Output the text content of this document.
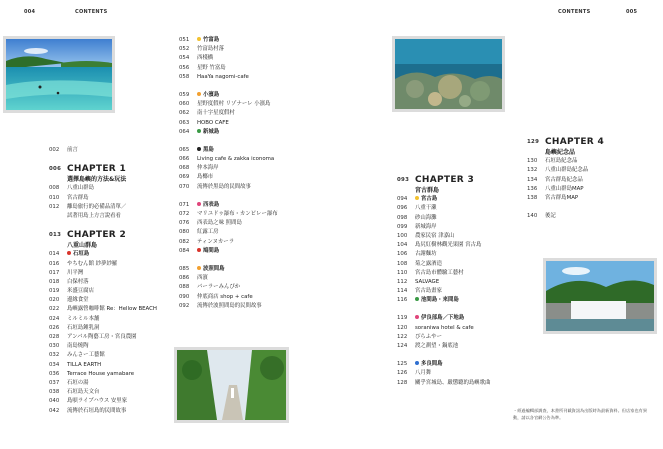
004	CONTENTS	CONTENTS	005
002	前言
006 CHAPTER 1
選擇島嶼的方法&玩法
008	八重山群島
010	宮古群島
012	離島旅行的必備品清單／
試著用島上方言說看看
013 CHAPTER 2
八重山群島
014	石垣島
016	やちむん館 紗夢紗羅
017	川平灣
018	白保村落
019	米盛豆腐店
020	邊緣食堂
022	島嶼露營咖啡館 Re：Hellow BEACH
024	ミルミル本舗
026	石垣島鍾乳洞
028	アンパル陶藝工房・宮良農園
030	南島燒陶
032	みんさー工藝館
034	TILLA EARTH
036	Terrace House yamabare
037	石垣の湯
038	石垣島天文台
040	島唄ライブハウス 安里家
042	流傳於石垣島的民間故事
051	竹富島
052	竹富島村落
054	西棧橋
056	星野 竹富島
058	HaaYa nagomi-cafe
059	小濱島
060	星野度假村 リゾナーレ 小濱島
062	南十字星度假村
063	HOBO CAFE
064	新城島
065	黑島
066	Living cafe & zakka iconoma
068	仲本海岸
069	島椰市
070	流傳於黑島的民間故事
071	西表島
072	マリユドゥ瀑布・カンピレー瀑布
076	西表島之味 照間島
080	紅露工房
082	ティンヌカーラ
084	鳩間島
085	波照間島
086	西濱
088	パーラーみんぴか
090	仲底商店 shop + cafe
092	流傳於波照間島的民間故事
093 CHAPTER 3
宮古群島
094	宮古島
096	八重干瀨
098	砂山海灘
099	新城海岸
100	農家民宿 津嘉山
104	島尻紅樹林觀光果園 宮古島
106	古謝麵坊
108	菊之露酒造
110	宮古島市體驗工藝村
112	SALVAGE
114	宮古島畫家
116	池間島・來間島
119	伊良部島／下地島
120	soraniwa hotel & cafe
122	ぴらふやー
124	渡之測望・鍋底池
125	多良間島
126	八月舞
128	關乎宮城島、嚴懲聽的島嶼歌曲
129 CHAPTER 4
島嶼紀念品
130	石垣島紀念品
132	八重山群島紀念品
134	宮古群島紀念品
136	八重山群島MAP
138	宮古群島MAP
140	後記
・經過編輯部調查，本書所刊載資訊為出版時為最新資料。但店家也有異動，請以各官網公告為準。
